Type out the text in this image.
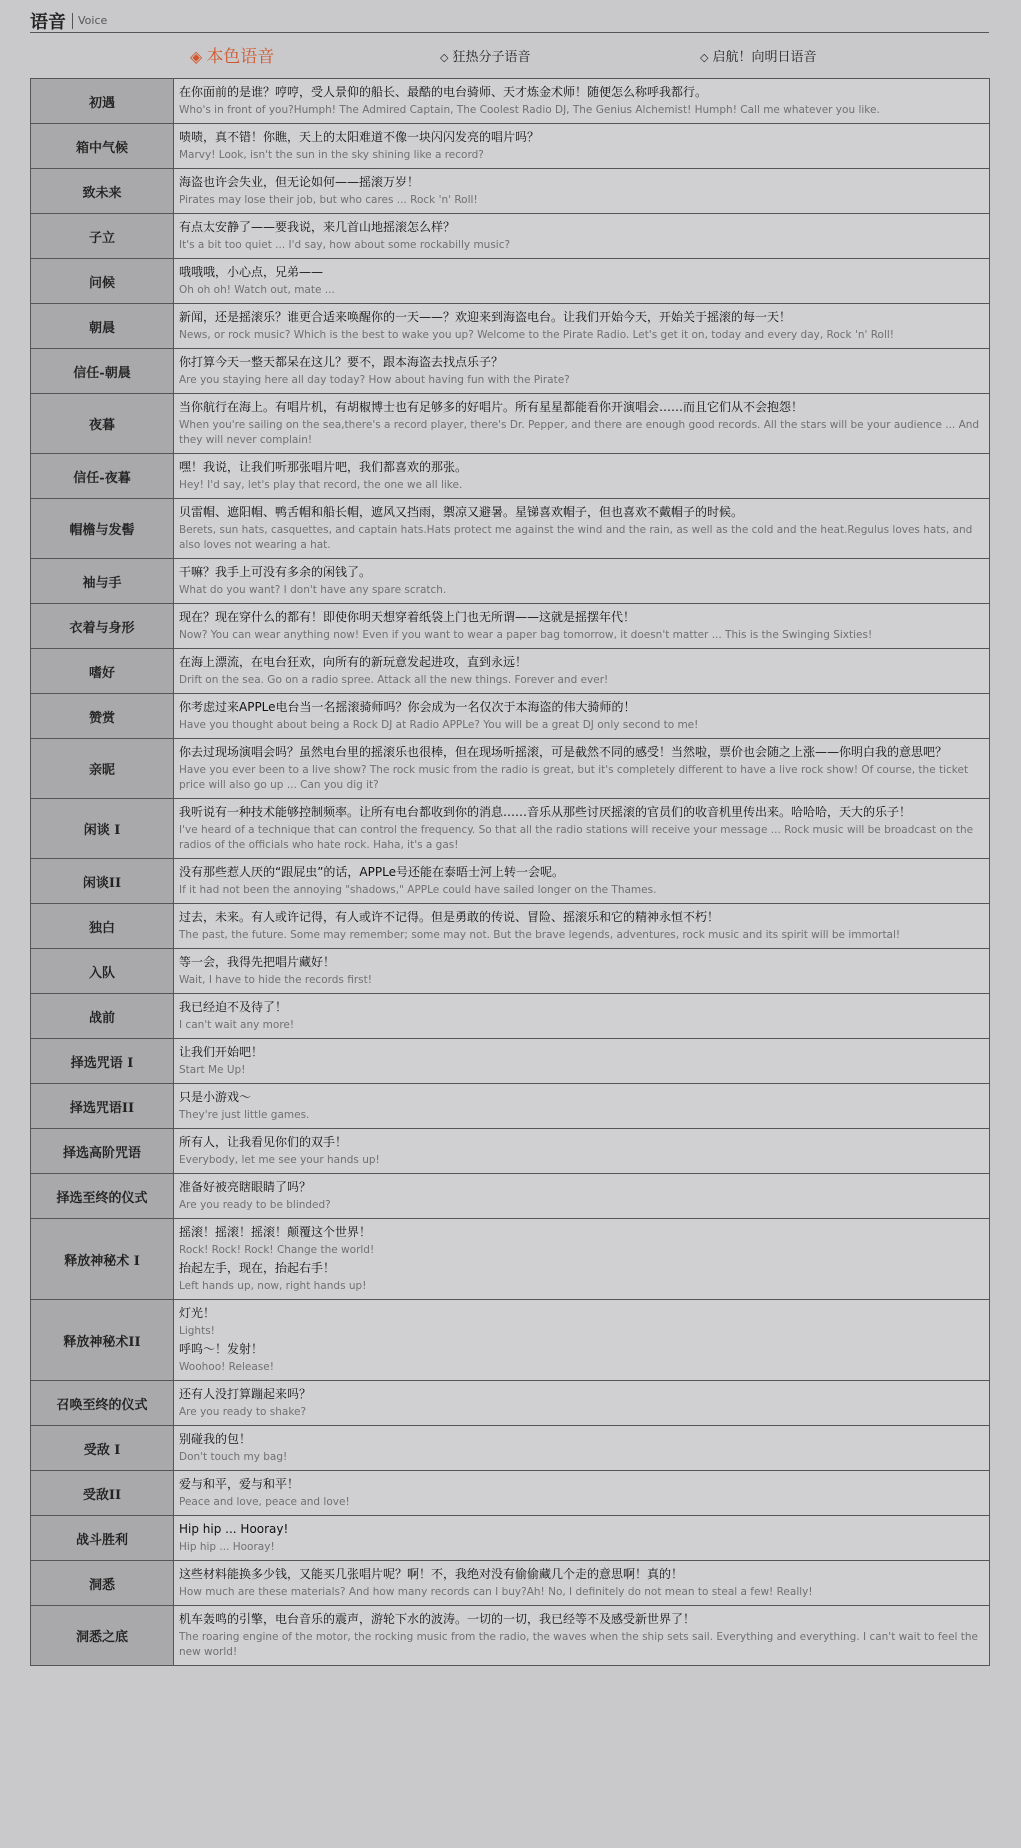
语音 Voice
◈ 本色语音	◇ 狂热分子语音	◇ 启航！向明日语音
初遇	在你面前的是谁？哼哼，受人景仰的船长、最酷的电台骑师、天才炼金术师！随便怎么称呼我都行。
Who's in front of you?Humph! The Admired Captain, The Coolest Radio DJ, The Genius Alchemist! Humph! Call me whatever you like.

箱中气候	啧啧，真不错！你瞧，天上的太阳难道不像一块闪闪发亮的唱片吗？
Marvy! Look, isn't the sun in the sky shining like a record?

致未来	海盗也许会失业，但无论如何——摇滚万岁！
Pirates may lose their job, but who cares ... Rock 'n' Roll!

子立	有点太安静了——要我说，来几首山地摇滚怎么样？
It's a bit too quiet ... I'd say, how about some rockabilly music?

问候	哦哦哦，小心点，兄弟——
Oh oh oh! Watch out, mate ...

朝晨	新闻，还是摇滚乐？谁更合适来唤醒你的一天——？欢迎来到海盗电台。让我们开始今天，开始关于摇滚的每一天！
News, or rock music? Which is the best to wake you up? Welcome to the Pirate Radio. Let's get it on, today and every day, Rock 'n' Roll!

信任-朝晨	你打算今天一整天都呆在这儿？要不，跟本海盗去找点乐子？
Are you staying here all day today? How about having fun with the Pirate?

夜暮	当你航行在海上。有唱片机，有胡椒博士也有足够多的好唱片。所有星星都能看你开演唱会……而且它们从不会抱怨！
When you're sailing on the sea,there's a record player, there's Dr. Pepper, and there are enough good records. All the stars will be your audience ... And they will never complain!

信任-夜暮	嘿！我说，让我们听那张唱片吧，我们都喜欢的那张。
Hey! I'd say, let's play that record, the one we all like.

帽檐与发髻	贝雷帽、遮阳帽、鸭舌帽和船长帽，遮风又挡雨，禦凉又避暑。星锑喜欢帽子，但也喜欢不戴帽子的时候。
Berets, sun hats, casquettes, and captain hats.Hats protect me against the wind and the rain, as well as the cold and the heat.Regulus loves hats, and also loves not wearing a hat.

袖与手	干嘛？我手上可没有多余的闲钱了。
What do you want? I don't have any spare scratch.

衣着与身形	现在？现在穿什么的都有！即使你明天想穿着纸袋上门也无所谓——这就是摇摆年代！
Now? You can wear anything now! Even if you want to wear a paper bag tomorrow, it doesn't matter ... This is the Swinging Sixties!

嗜好	在海上漂流，在电台狂欢，向所有的新玩意发起进攻，直到永远！
Drift on the sea. Go on a radio spree. Attack all the new things. Forever and ever!

赞赏	你考虑过来APPLe电台当一名摇滚骑师吗？你会成为一名仅次于本海盗的伟大骑师的！
Have you thought about being a Rock DJ at Radio APPLe? You will be a great DJ only second to me!

亲昵	你去过现场演唱会吗？虽然电台里的摇滚乐也很棒，但在现场听摇滚，可是截然不同的感受！当然啦，票价也会随之上涨——你明白我的意思吧？
Have you ever been to a live show? The rock music from the radio is great, but it's completely different to have a live rock show! Of course, the ticket price will also go up ... Can you dig it?

闲谈 I	我听说有一种技术能够控制频率。让所有电台都收到你的消息……音乐从那些讨厌摇滚的官员们的收音机里传出来。哈哈哈，天大的乐子！
I've heard of a technique that can control the frequency. So that all the radio stations will receive your message ... Rock music will be broadcast on the radios of the officials who hate rock. Haha, it's a gas!

闲谈II	没有那些惹人厌的“跟屁虫”的话，APPLe号还能在泰晤士河上转一会呢。
If it had not been the annoying "shadows," APPLe could have sailed longer on the Thames.

独白	过去，未来。有人或许记得，有人或许不记得。但是勇敢的传说、冒险、摇滚乐和它的精神永恒不朽！
The past, the future. Some may remember; some may not. But the brave legends, adventures, rock music and its spirit will be immortal!

入队	等一会，我得先把唱片藏好！
Wait, I have to hide the records first!

战前	我已经迫不及待了！
I can't wait any more!

择选咒语 I	让我们开始吧！
Start Me Up!

择选咒语II	只是小游戏～
They're just little games.

择选高阶咒语	所有人，让我看见你们的双手！
Everybody, let me see your hands up!

择选至终的仪式	准备好被亮瞎眼睛了吗？
Are you ready to be blinded?

释放神秘术 I	摇滚！摇滚！摇滚！颠覆这个世界！
Rock! Rock! Rock! Change the world!
抬起左手，现在，抬起右手！
Left hands up, now, right hands up!

释放神秘术II	灯光！
Lights!
呼呜～！发射！
Woohoo! Release!

召唤至终的仪式	还有人没打算蹦起来吗？
Are you ready to shake?

受敌 I	别碰我的包！
Don't touch my bag!

受敌II	爱与和平，爱与和平！
Peace and love, peace and love!

战斗胜利	Hip hip ... Hooray!
Hip hip ... Hooray!

洞悉	这些材料能换多少钱，又能买几张唱片呢？啊！不，我绝对没有偷偷藏几个走的意思啊！真的！
How much are these materials? And how many records can I buy?Ah! No, I definitely do not mean to steal a few! Really!

洞悉之底	机车轰鸣的引擎，电台音乐的震声，游轮下水的波涛。一切的一切，我已经等不及感受新世界了！
The roaring engine of the motor, the rocking music from the radio, the waves when the ship sets sail. Everything and everything. I can't wait to feel the new world!
